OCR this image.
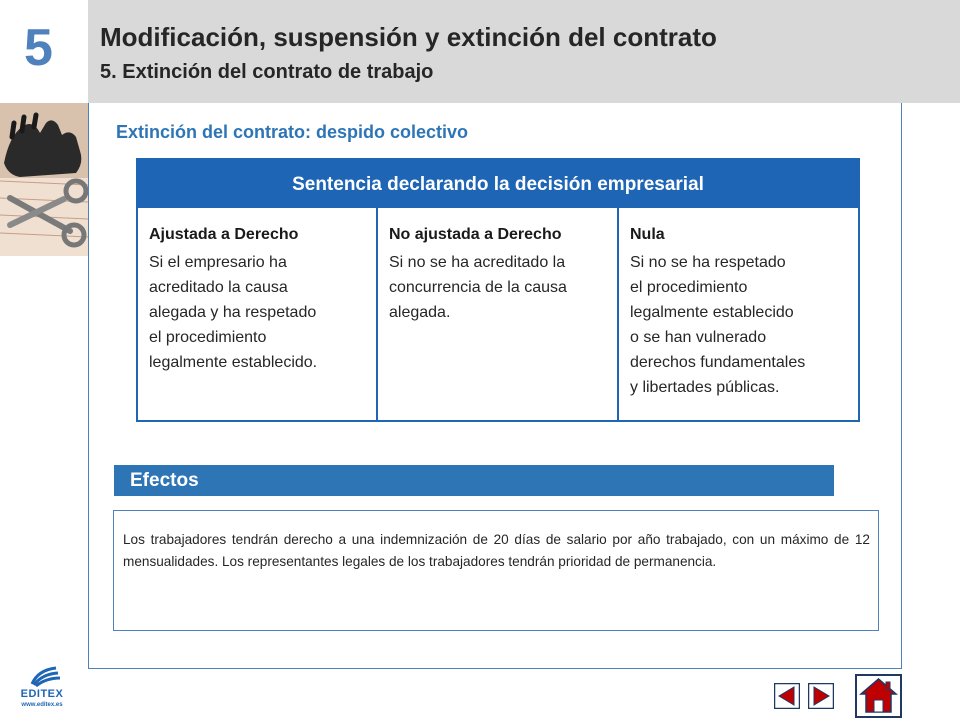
5 Modificación, suspensión y extinción del contrato
5. Extinción del contrato de trabajo
Extinción del contrato: despido colectivo
Sentencia declarando la decisión empresarial
Ajustada a Derecho
Si el empresario ha
acreditado la causa
alegada y ha respetado
el procedimiento
legalmente establecido.
No ajustada a Derecho
Si no se ha acreditado la
concurrencia de la causa
alegada.
Nula
Si no se ha respetado
el procedimiento
legalmente establecido
o se han vulnerado
derechos fundamentales
y libertades públicas.
Efectos
Los trabajadores tendrán derecho a una indemnización de 20 días de salario por año trabajado, con un máximo de 12 mensualidades. Los representantes legales de los trabajadores tendrán prioridad de permanencia.
EDITEX
www.editex.es
